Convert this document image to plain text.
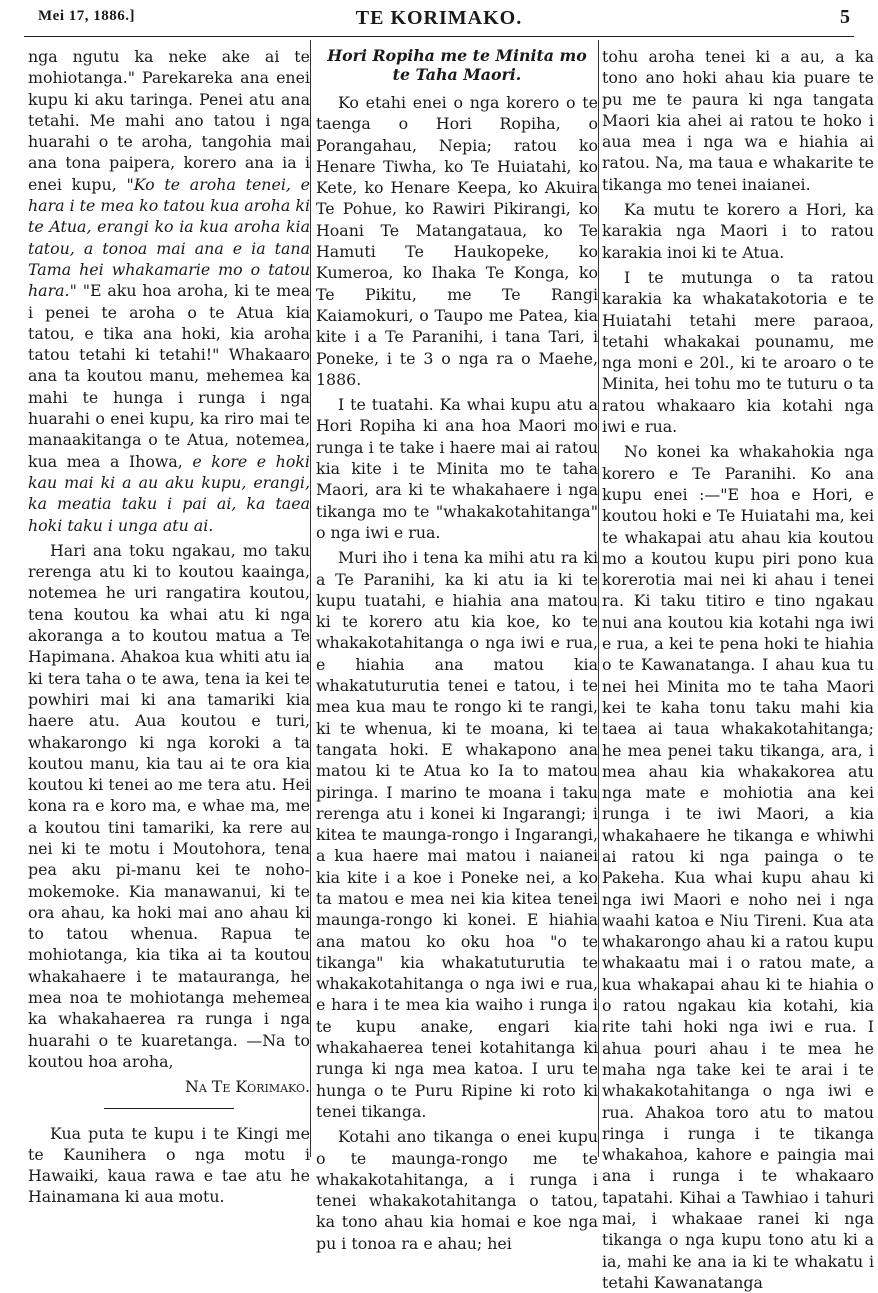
Mei 17, 1886.]	TE KORIMAKO.	5

nga ngutu ka neke ake ai te mohiotanga." Parekareka ana enei kupu ki aku taringa. Penei atu ana tetahi. Me mahi ano tatou i nga huarahi o te aroha, tangohia mai ana tona paipera, korero ana ia i enei kupu, "Ko te aroha tenei, e hara i te mea ko tatou kua aroha ki te Atua, erangi ko ia kua aroha kia tatou, a tonoa mai ana e ia tana Tama hei whakamarie mo o tatou hara." "E aku hoa aroha, ki te mea i penei te aroha o te Atua kia tatou, e tika ana hoki, kia aroha tatou tetahi ki tetahi!" Whakaaro ana ta koutou manu, mehemea ka mahi te hunga i runga i nga huarahi o enei kupu, ka riro mai te manaakitanga o te Atua, notemea, kua mea a Ihowa, e kore e hoki kau mai ki a au aku kupu, erangi, ka meatia taku i pai ai, ka taea hoki taku i unga atu ai.

Hari ana toku ngakau, mo taku rerenga atu ki to koutou kaainga, notemea he uri rangatira koutou, tena koutou ka whai atu ki nga akoranga a to koutou matua a Te Hapimana. Ahakoa kua whiti atu ia ki tera taha o te awa, tena ia kei te powhiri mai ki ana tamariki kia haere atu. Aua koutou e turi, whakarongo ki nga koroki a ta koutou manu, kia tau ai te ora kia koutou ki tenei ao me tera atu. Hei kona ra e koro ma, e whae ma, me a koutou tini tamariki, ka rere au nei ki te motu i Moutohora, tena pea aku pi-manu kei te noho-mokemoke. Kia manawanui, ki te ora ahau, ka hoki mai ano ahau ki to tatou whenua. Rapua te mohiotanga, kia tika ai ta koutou whakahaere i te matauranga, he mea noa te mohiotanga mehemea ka whakahaerea ra runga i nga huarahi o te kuaretanga. —Na to koutou hoa aroha,

Na Te Korimako.

Kua puta te kupu i te Kingi me te Kaunihera o nga motu i Hawaiki, kaua rawa e tae atu he Hainamana ki aua motu.

Hori Ropiha me te Minita mo te Taha Maori.

Ko etahi enei o nga korero o te taenga o Hori Ropiha, o Porangahau, Nepia; ratou ko Henare Tiwha, ko Te Huiatahi, ko Kete, ko Henare Keepa, ko Akuira Te Pohue, ko Rawiri Pikirangi, ko Hoani Te Matangataua, ko Te Hamuti Te Haukopeke, ko Kumeroa, ko Ihaka Te Konga, ko Te Pikitu, me Te Rangi Kaiamokuri, o Taupo me Patea, kia kite i a Te Paranihi, i tana Tari, i Poneke, i te 3 o nga ra o Maehe, 1886.

I te tuatahi. Ka whai kupu atu a Hori Ropiha ki ana hoa Maori mo runga i te take i haere mai ai ratou kia kite i te Minita mo te taha Maori, ara ki te whakahaere i nga tikanga mo te "whakakotahitanga" o nga iwi e rua.

Muri iho i tena ka mihi atu ra ki a Te Paranihi, ka ki atu ia ki te kupu tuatahi, e hiahia ana matou ki te korero atu kia koe, ko te whakakotahitanga o nga iwi e rua, e hiahia ana matou kia whakatuturutia tenei e tatou, i te mea kua mau te rongo ki te rangi, ki te whenua, ki te moana, ki te tangata hoki. E whakapono ana matou ki te Atua ko Ia to matou piringa. I marino te moana i taku rerenga atu i konei ki Ingarangi; i kitea te maunga-rongo i Ingarangi, a kua haere mai matou i naianei kia kite i a koe i Poneke nei, a ko ta matou e mea nei kia kitea tenei maunga-rongo ki konei. E hiahia ana matou ko oku hoa "o te tikanga" kia whakatuturutia te whakakotahitanga o nga iwi e rua, e hara i te mea kia waiho i runga i te kupu anake, engari kia whakahaerea tenei kotahitanga ki runga ki nga mea katoa. I uru te hunga o te Puru Ripine ki roto ki tenei tikanga.

Kotahi ano tikanga o enei kupu o te maunga-rongo me te whakakotahitanga, a i runga i tenei whakakotahitanga o tatou, ka tono ahau kia homai e koe nga pu i tonoa ra e ahau; hei

tohu aroha tenei ki a au, a ka tono ano hoki ahau kia puare te pu me te paura ki nga tangata Maori kia ahei ai ratou te hoko i aua mea i nga wa e hiahia ai ratou. Na, ma taua e whakarite te tikanga mo tenei inaianei.

Ka mutu te korero a Hori, ka karakia nga Maori i to ratou karakia inoi ki te Atua.

I te mutunga o ta ratou karakia ka whakatakotoria e te Huiatahi tetahi mere paraoa, tetahi whakakai pounamu, me nga moni e 20l., ki te aroaro o te Minita, hei tohu mo te tuturu o ta ratou whakaaro kia kotahi nga iwi e rua.

No konei ka whakahokia nga korero e Te Paranihi. Ko ana kupu enei :—"E hoa e Hori, e koutou hoki e Te Huiatahi ma, kei te whakapai atu ahau kia koutou mo a koutou kupu piri pono kua korerotia mai nei ki ahau i tenei ra. Ki taku titiro e tino ngakau nui ana koutou kia kotahi nga iwi e rua, a kei te pena hoki te hiahia o te Kawanatanga. I ahau kua tu nei hei Minita mo te taha Maori kei te kaha tonu taku mahi kia taea ai taua whakakotahitanga; he mea penei taku tikanga, ara, i mea ahau kia whakakorea atu nga mate e mohiotia ana kei runga i te iwi Maori, a kia whakahaere he tikanga e whiwhi ai ratou ki nga painga o te Pakeha. Kua whai kupu ahau ki nga iwi Maori e noho nei i nga waahi katoa e Niu Tireni. Kua ata whakarongo ahau ki a ratou kupu whakaatu mai i o ratou mate, a kua whakapai ahau ki te hiahia o o ratou ngakau kia kotahi, kia rite tahi hoki nga iwi e rua. I ahua pouri ahau i te mea he maha nga take kei te arai i te whakakotahitanga o nga iwi e rua. Ahakoa toro atu to matou ringa i runga i te tikanga whakahoa, kahore e paingia mai ana i runga i te whakaaro tapatahi. Kihai a Tawhiao i tahuri mai, i whakaae ranei ki nga tikanga o nga kupu tono atu ki a ia, mahi ke ana ia ki te whakatu i tetahi Kawanatanga
